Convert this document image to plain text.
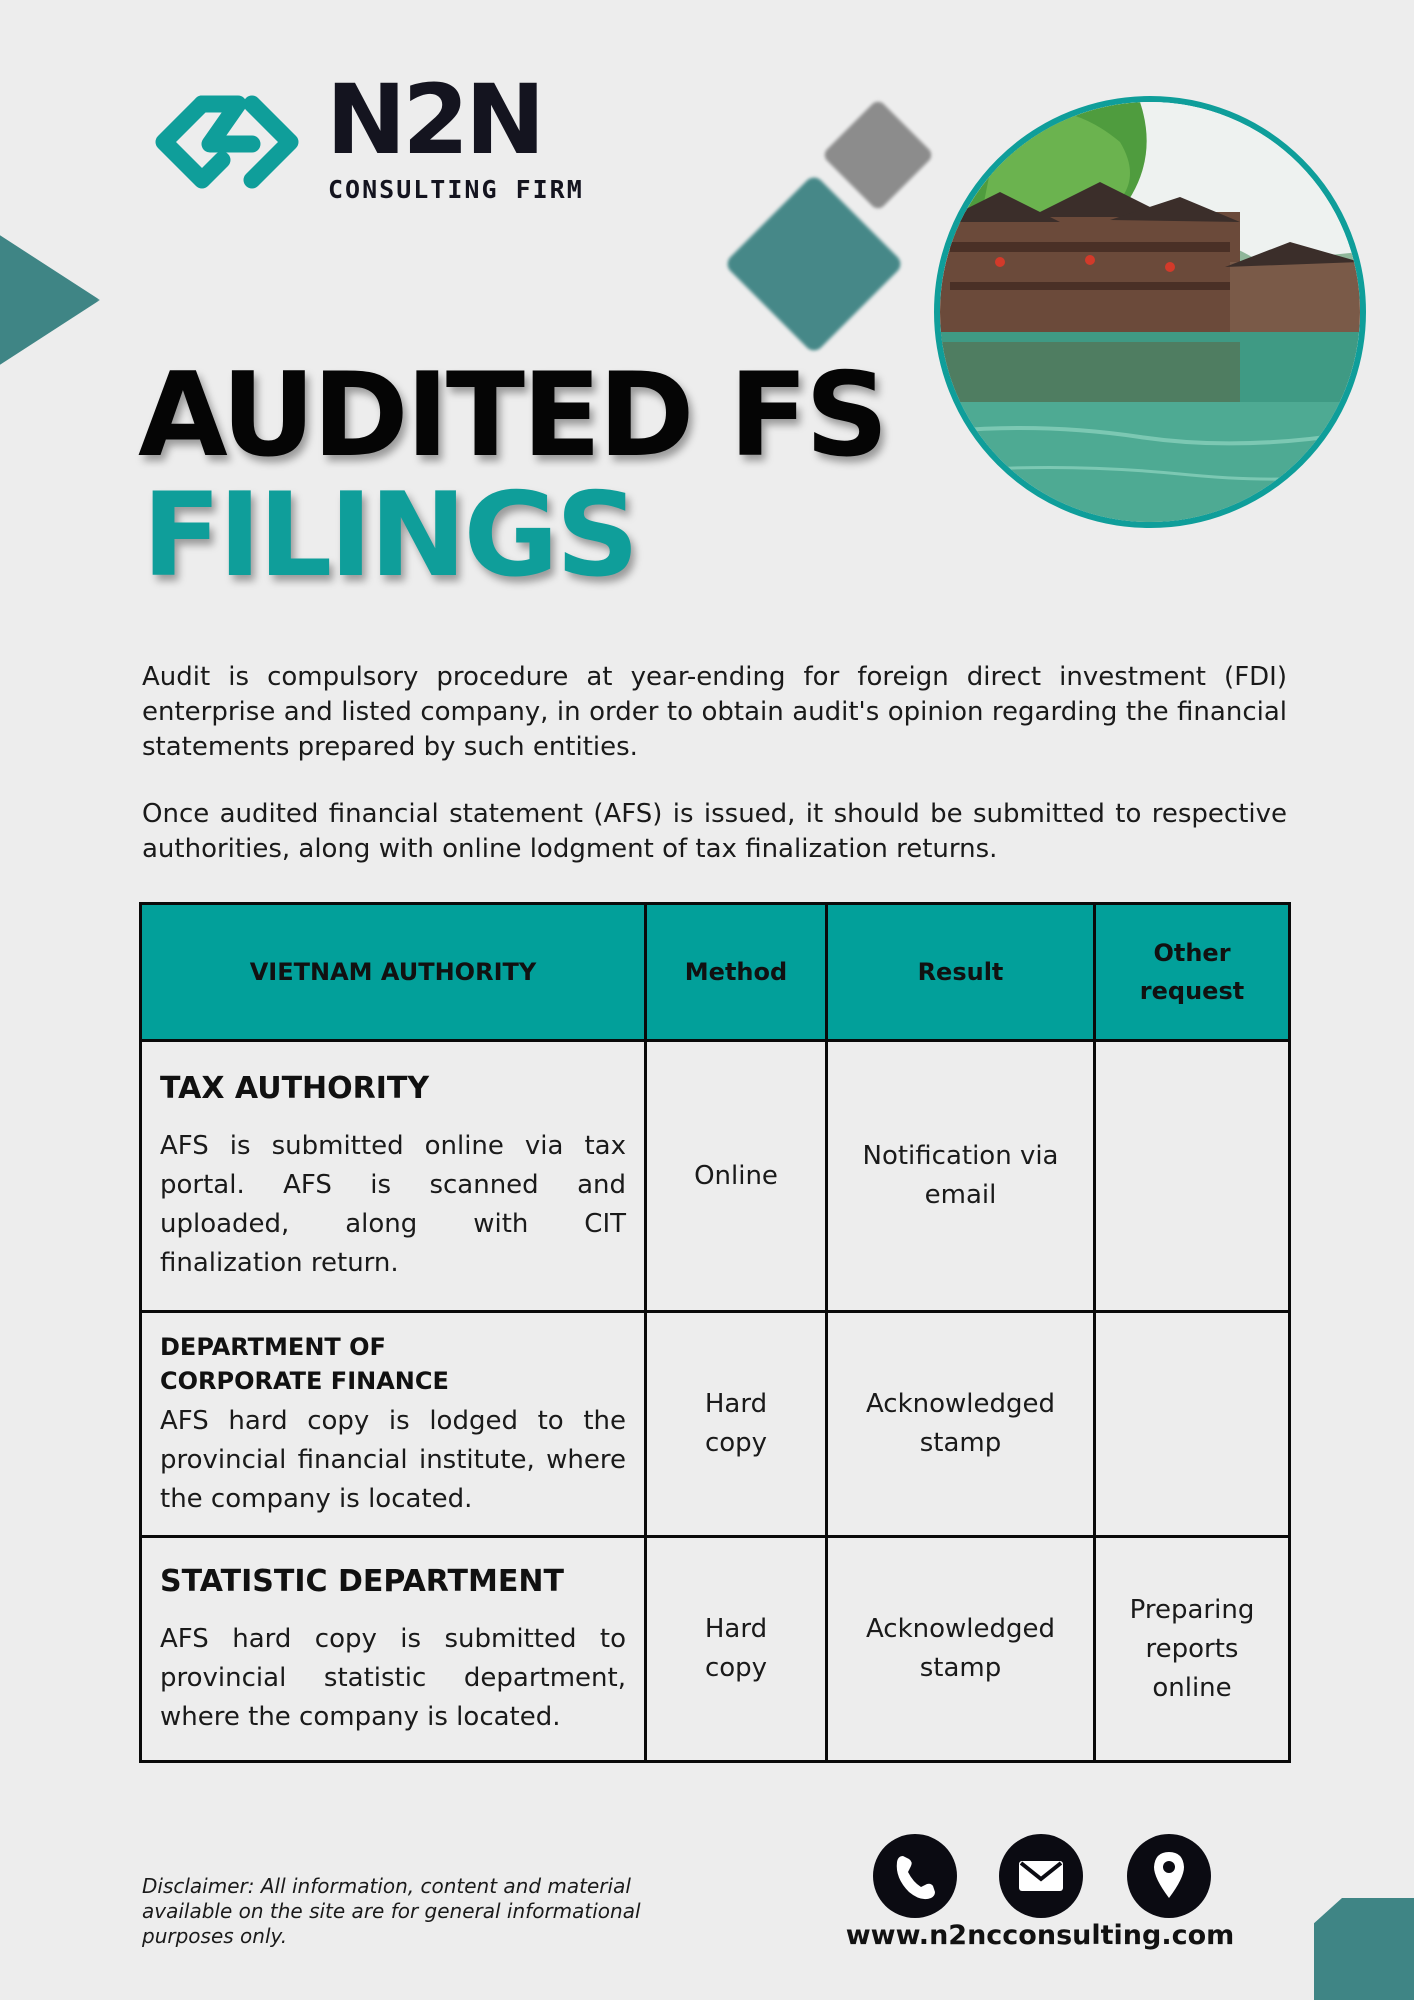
N2N
CONSULTING FIRM
AUDITED FS
FILINGS

Audit is compulsory procedure at year-ending for foreign direct investment (FDI) enterprise and listed company, in order to obtain audit's opinion regarding the financial statements prepared by such entities.

Once audited financial statement (AFS) is issued, it should be submitted to respective authorities, along with online lodgment of tax finalization returns.

VIETNAM AUTHORITY	Method	Result	Other request

TAX AUTHORITY
AFS is submitted online via tax portal. AFS is scanned and uploaded, along with CIT finalization return.	Online	Notification via email	

DEPARTMENT OF CORPORATE FINANCE
AFS hard copy is lodged to the provincial financial institute, where the company is located.	Hard copy	Acknowledged stamp	

STATISTIC DEPARTMENT
AFS hard copy is submitted to provincial statistic department, where the company is located.	Hard copy	Acknowledged stamp	Preparing reports online

Disclaimer: All information, content and material available on the site are for general informational purposes only.	www.n2ncconsulting.com
